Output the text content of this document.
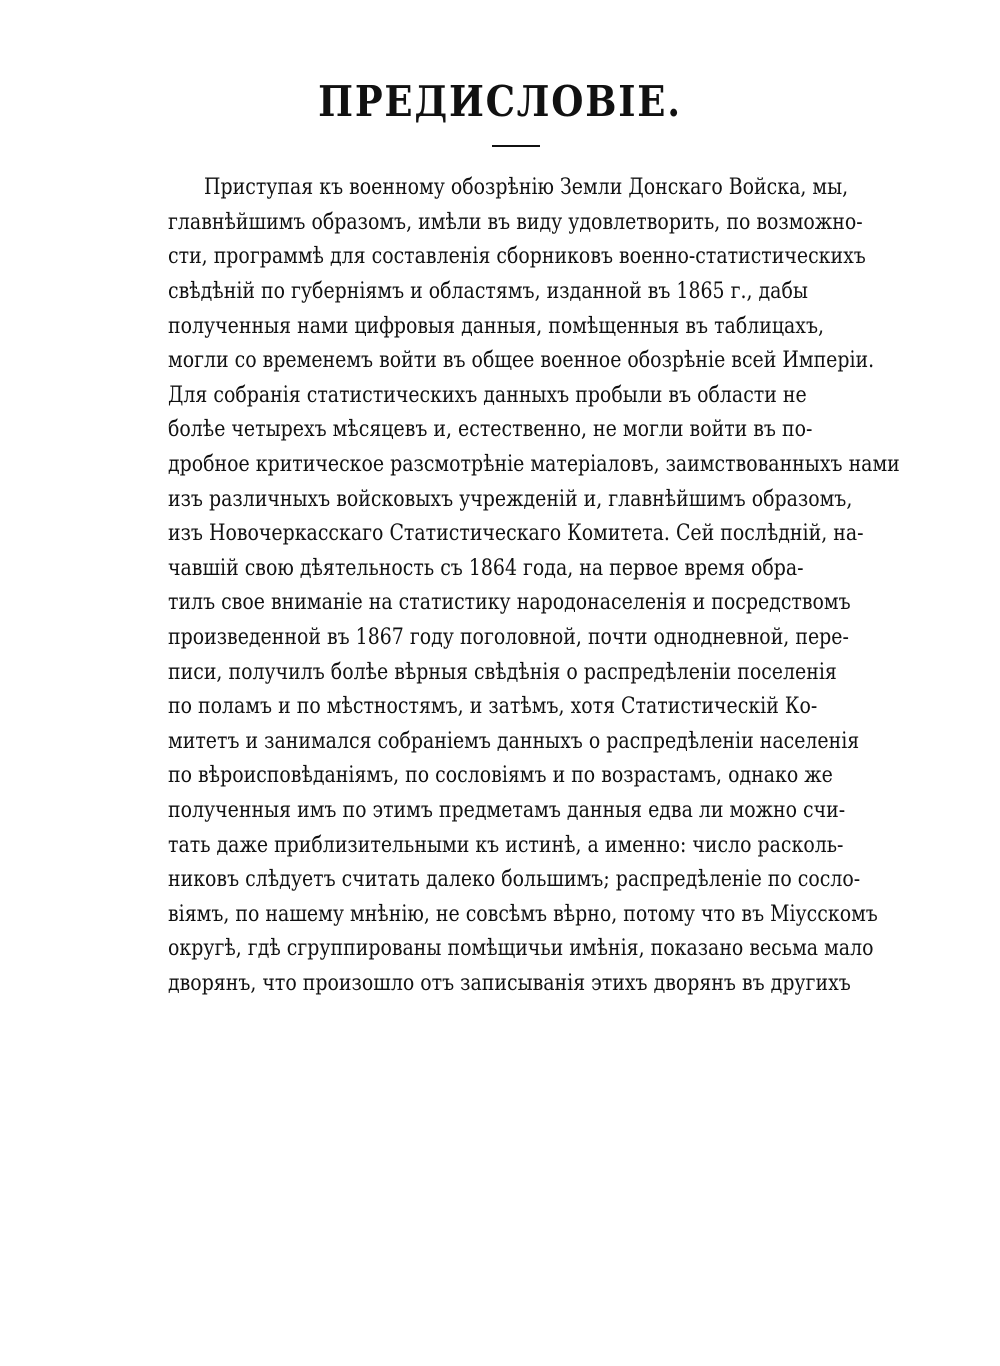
ПРЕДИСЛОВІЕ.
Приступая къ военному обозрѣнію Земли Донскаго Войска, мы,
главнѣйшимъ образомъ, имѣли въ виду удовлетворить, по возможно-
сти, программѣ для составленія сборниковъ военно-статистическихъ
свѣдѣній по губерніямъ и областямъ, изданной въ 1865 г., дабы
полученныя нами цифровыя данныя, помѣщенныя въ таблицахъ,
могли со временемъ войти въ общее военное обозрѣніе всей Имперіи.
Для собранія статистическихъ данныхъ пробыли въ области не
болѣе четырехъ мѣсяцевъ и, естественно, не могли войти въ по-
дробное критическое разсмотрѣніе матеріаловъ, заимствованныхъ нами
изъ различныхъ войсковыхъ учрежденій и, главнѣйшимъ образомъ,
изъ Новочеркасскаго Статистическаго Комитета. Сей послѣдній, на-
чавшій свою дѣятельность съ 1864 года, на первое время обра-
тилъ свое вниманіе на статистику народонаселенія и посредствомъ
произведенной въ 1867 году поголовной, почти однодневной, пере-
писи, получилъ болѣе вѣрныя свѣдѣнія о распредѣленіи поселенія
по поламъ и по мѣстностямъ, и затѣмъ, хотя Статистическій Ко-
митетъ и занимался собраніемъ данныхъ о распредѣленіи населенія
по вѣроисповѣданіямъ, по сословіямъ и по возрастамъ, однако же
полученныя имъ по этимъ предметамъ данныя едва ли можно счи-
тать даже приблизительными къ истинѣ, а именно: число расколь-
никовъ слѣдуетъ считать далеко большимъ; распредѣленіе по сосло-
віямъ, по нашему мнѣнію, не совсѣмъ вѣрно, потому что въ Міусскомъ
округѣ, гдѣ сгруппированы помѣщичьи имѣнія, показано весьма мало
дворянъ, что произошло отъ записыванія этихъ дворянъ въ другихъ
